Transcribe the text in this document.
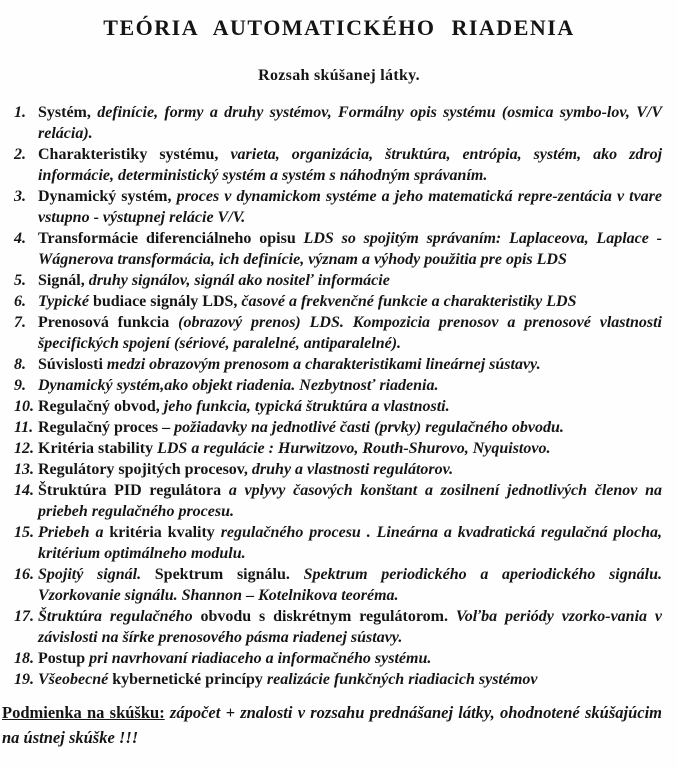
TEÓRIA AUTOMATICKÉHO RIADENIA

Rozsah skúšanej látky.

1. Systém, definície, formy a druhy systémov, Formálny opis systému (osmica symbo-lov, V/V relácia).
2. Charakteristiky systému, varieta, organizácia, štruktúra, entrópia, systém, ako zdroj informácie, deterministický systém a systém s náhodným správaním.
3. Dynamický systém, proces v dynamickom systéme a jeho matematická repre-zentácia v tvare vstupno - výstupnej relácie V/V.
4. Transformácie diferenciálneho opisu LDS so spojitým správaním: Laplaceova, Laplace - Wágnerova transformácia, ich definície, význam a výhody použitia pre opis LDS
5. Signál, druhy signálov, signál ako nositeľ informácie
6. Typické budiace signály LDS, časové a frekvenčné funkcie a charakteristiky LDS
7. Prenosová funkcia (obrazový prenos) LDS. Kompozicia prenosov a prenosové vlastnosti špecifických spojení (sériové, paralelné, antiparalelné).
8. Súvislosti medzi obrazovým prenosom a charakteristikami lineárnej sústavy.
9. Dynamický systém,ako objekt riadenia. Nezbytnosť riadenia.
10. Regulačný obvod, jeho funkcia, typická štruktúra a vlastnosti.
11. Regulačný proces – požiadavky na jednotlivé časti (prvky) regulačného obvodu.
12. Kritéria stability LDS a regulácie : Hurwitzovo, Routh-Shurovo, Nyquistovo.
13. Regulátory spojitých procesov, druhy a vlastnosti regulátorov.
14. Štruktúra PID regulátora a vplyvy časových konštant a zosilnení jednotlivých členov na priebeh regulačného procesu.
15. Priebeh a kritéria kvality regulačného procesu . Lineárna a kvadratická regulačná plocha, kritérium optimálneho modulu.
16. Spojitý signál. Spektrum signálu. Spektrum periodického a aperiodického signálu. Vzorkovanie signálu. Shannon – Kotelnikova teoréma.
17. Štruktúra regulačného obvodu s diskrétnym regulátorom. Voľba periódy vzorko-vania v závislosti na šírke prenosového pásma riadenej sústavy.
18. Postup pri navrhovaní riadiaceho a informačného systému.
19. Všeobecné kybernetické princípy realizácie funkčných riadiacich systémov

Podmienka na skúšku: zápočet + znalosti v rozsahu prednášanej látky, ohodnotené skúšajúcim na ústnej skúške !!!
